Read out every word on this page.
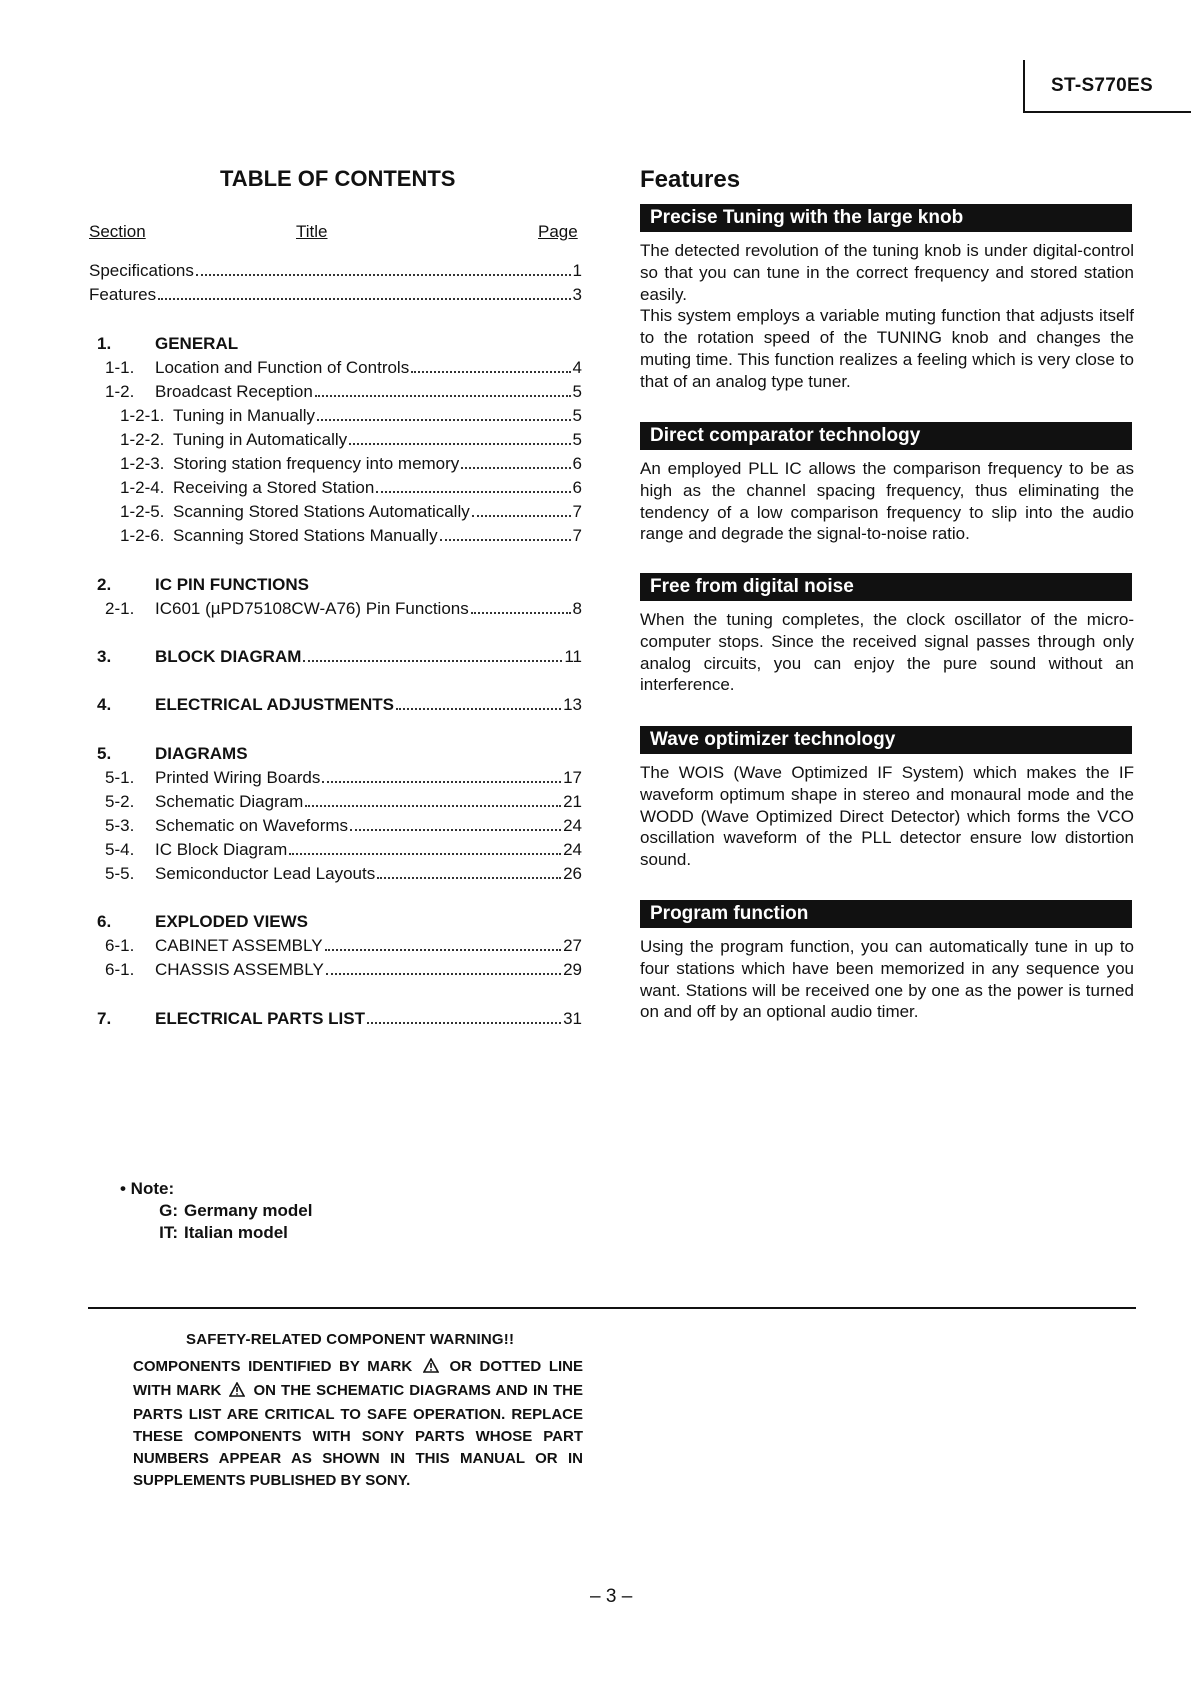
ST-S770ES
TABLE OF CONTENTS
Section	Title	Page
Specifications	1
Features	3
1.	GENERAL
1-1.	Location and Function of Controls	4
1-2.	Broadcast Reception	5
1-2-1. Tuning in Manually	5
1-2-2. Tuning in Automatically	5
1-2-3. Storing station frequency into memory	6
1-2-4. Receiving a Stored Station	6
1-2-5. Scanning Stored Stations Automatically	7
1-2-6. Scanning Stored Stations Manually	7
2.	IC PIN FUNCTIONS
2-1.	IC601 (µPD75108CW-A76) Pin Functions	8
3.	BLOCK DIAGRAM	11
4.	ELECTRICAL ADJUSTMENTS	13
5.	DIAGRAMS
5-1.	Printed Wiring Boards	17
5-2.	Schematic Diagram	21
5-3.	Schematic on Waveforms	24
5-4.	IC Block Diagram	24
5-5.	Semiconductor Lead Layouts	26
6.	EXPLODED VIEWS
6-1.	CABINET ASSEMBLY	27
6-1.	CHASSIS ASSEMBLY	29
7.	ELECTRICAL PARTS LIST	31
• Note:
G: Germany model
IT: Italian model
SAFETY-RELATED COMPONENT WARNING!!
COMPONENTS IDENTIFIED BY MARK OR DOTTED LINE WITH MARK ON THE SCHEMATIC DIAGRAMS AND IN THE PARTS LIST ARE CRITICAL TO SAFE OPERATION. REPLACE THESE COMPONENTS WITH SONY PARTS WHOSE PART NUMBERS APPEAR AS SHOWN IN THIS MANUAL OR IN SUPPLEMENTS PUBLISHED BY SONY.
Features
Precise Tuning with the large knob

The detected revolution of the tuning knob is under digital-control so that you can tune in the correct frequency and stored station easily.

This system employs a variable muting function that adjusts itself to the rotation speed of the TUNING knob and changes the muting time. This function realizes a feeling which is very close to that of an analog type tuner.

Direct comparator technology

An employed PLL IC allows the comparison frequency to be as high as the channel spacing frequency, thus eliminating the tendency of a low comparison frequency to slip into the audio range and degrade the signal-to-noise ratio.

Free from digital noise

When the tuning completes, the clock oscillator of the micro-computer stops. Since the received signal passes through only analog circuits, you can enjoy the pure sound without an interference.

Wave optimizer technology

The WOIS (Wave Optimized IF System) which makes the IF waveform optimum shape in stereo and monaural mode and the WODD (Wave Optimized Direct Detector) which forms the VCO oscillation waveform of the PLL detector ensure low distortion sound.

Program function

Using the program function, you can automatically tune in up to four stations which have been memorized in any sequence you want. Stations will be received one by one as the power is turned on and off by an optional audio timer.

– 3 –
